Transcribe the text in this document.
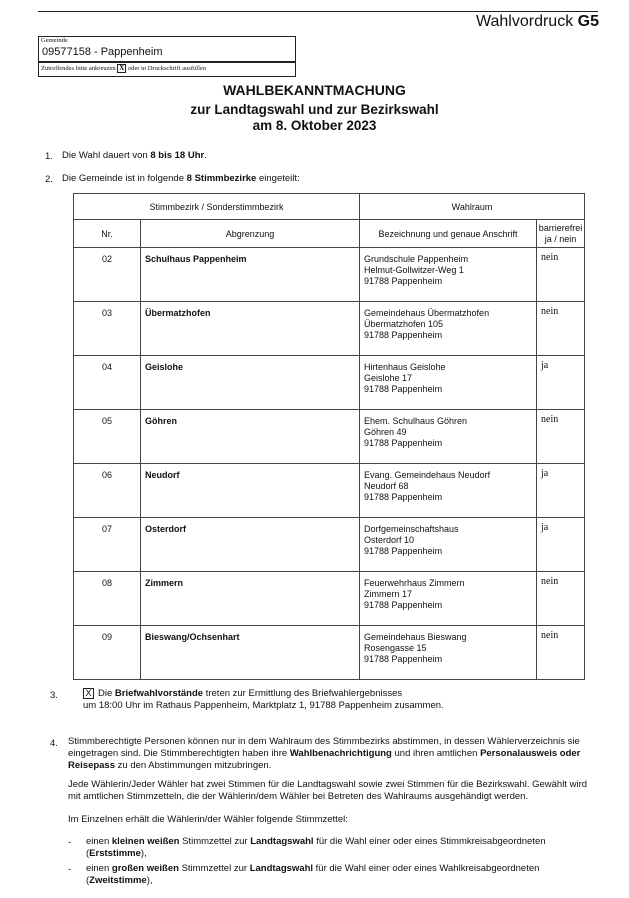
Wahlvordruck G5
Gemeinde
09577158 - Pappenheim
Zutreffendes bitte ankreuzen X oder in Druckschrift ausfüllen
WAHLBEKANNTMACHUNG
zur Landtagswahl und zur Bezirkswahl
am 8. Oktober 2023
1. Die Wahl dauert von 8 bis 18 Uhr.
2. Die Gemeinde ist in folgende 8 Stimmbezirke eingeteilt:
Stimmbezirk / Sonderstimmbezirk		Wahlraum	
Nr.	Abgrenzung	Bezeichnung und genaue Anschrift	barrierefrei
ja / nein

02	Schulhaus Pappenheim	Grundschule Pappenheim
Helmut-Gollwitzer-Weg 1
91788 Pappenheim	nein

03	Übermatzhofen	Gemeindehaus Übermatzhofen
Übermatzhofen 105
91788 Pappenheim	nein

04	Geislohe	Hirtenhaus Geislohe
Geislohe 17
91788 Pappenheim	ja

05	Göhren	Ehem. Schulhaus Göhren
Göhren 49
91788 Pappenheim	nein

06	Neudorf	Evang. Gemeindehaus Neudorf
Neudorf 68
91788 Pappenheim	ja

07	Osterdorf	Dorfgemeinschaftshaus
Osterdorf 10
91788 Pappenheim	ja

08	Zimmern	Feuerwehrhaus Zimmern
Zimmern 17
91788 Pappenheim	nein

09	Bieswang/Ochsenhart	Gemeindehaus Bieswang
Rosengasse 15
91788 Pappenheim	nein
3.	X Die Briefwahlvorstände treten zur Ermittlung des Briefwahlergebnisses
um 18:00 Uhr im Rathaus Pappenheim, Marktplatz 1, 91788 Pappenheim zusammen.
4. Stimmberechtigte Personen können nur in dem Wahlraum des Stimmbezirks abstimmen, in dessen Wählerverzeichnis sie eingetragen sind. Die Stimmberechtigten haben ihre Wahlbenachrichtigung und ihren amtlichen Personalausweis oder Reisepass zu den Abstimmungen mitzubringen.
Jede Wählerin/Jeder Wähler hat zwei Stimmen für die Landtagswahl sowie zwei Stimmen für die Bezirkswahl. Gewählt wird mit amtlichen Stimmzetteln, die der Wählerin/dem Wähler bei Betreten des Wahlraums ausgehändigt werden.
Im Einzelnen erhält die Wählerin/der Wähler folgende Stimmzettel:
- einen kleinen weißen Stimmzettel zur Landtagswahl für die Wahl einer oder eines Stimmkreisabgeordneten (Erststimme),
- einen großen weißen Stimmzettel zur Landtagswahl für die Wahl einer oder eines Wahlkreisabgeordneten (Zweitstimme),
